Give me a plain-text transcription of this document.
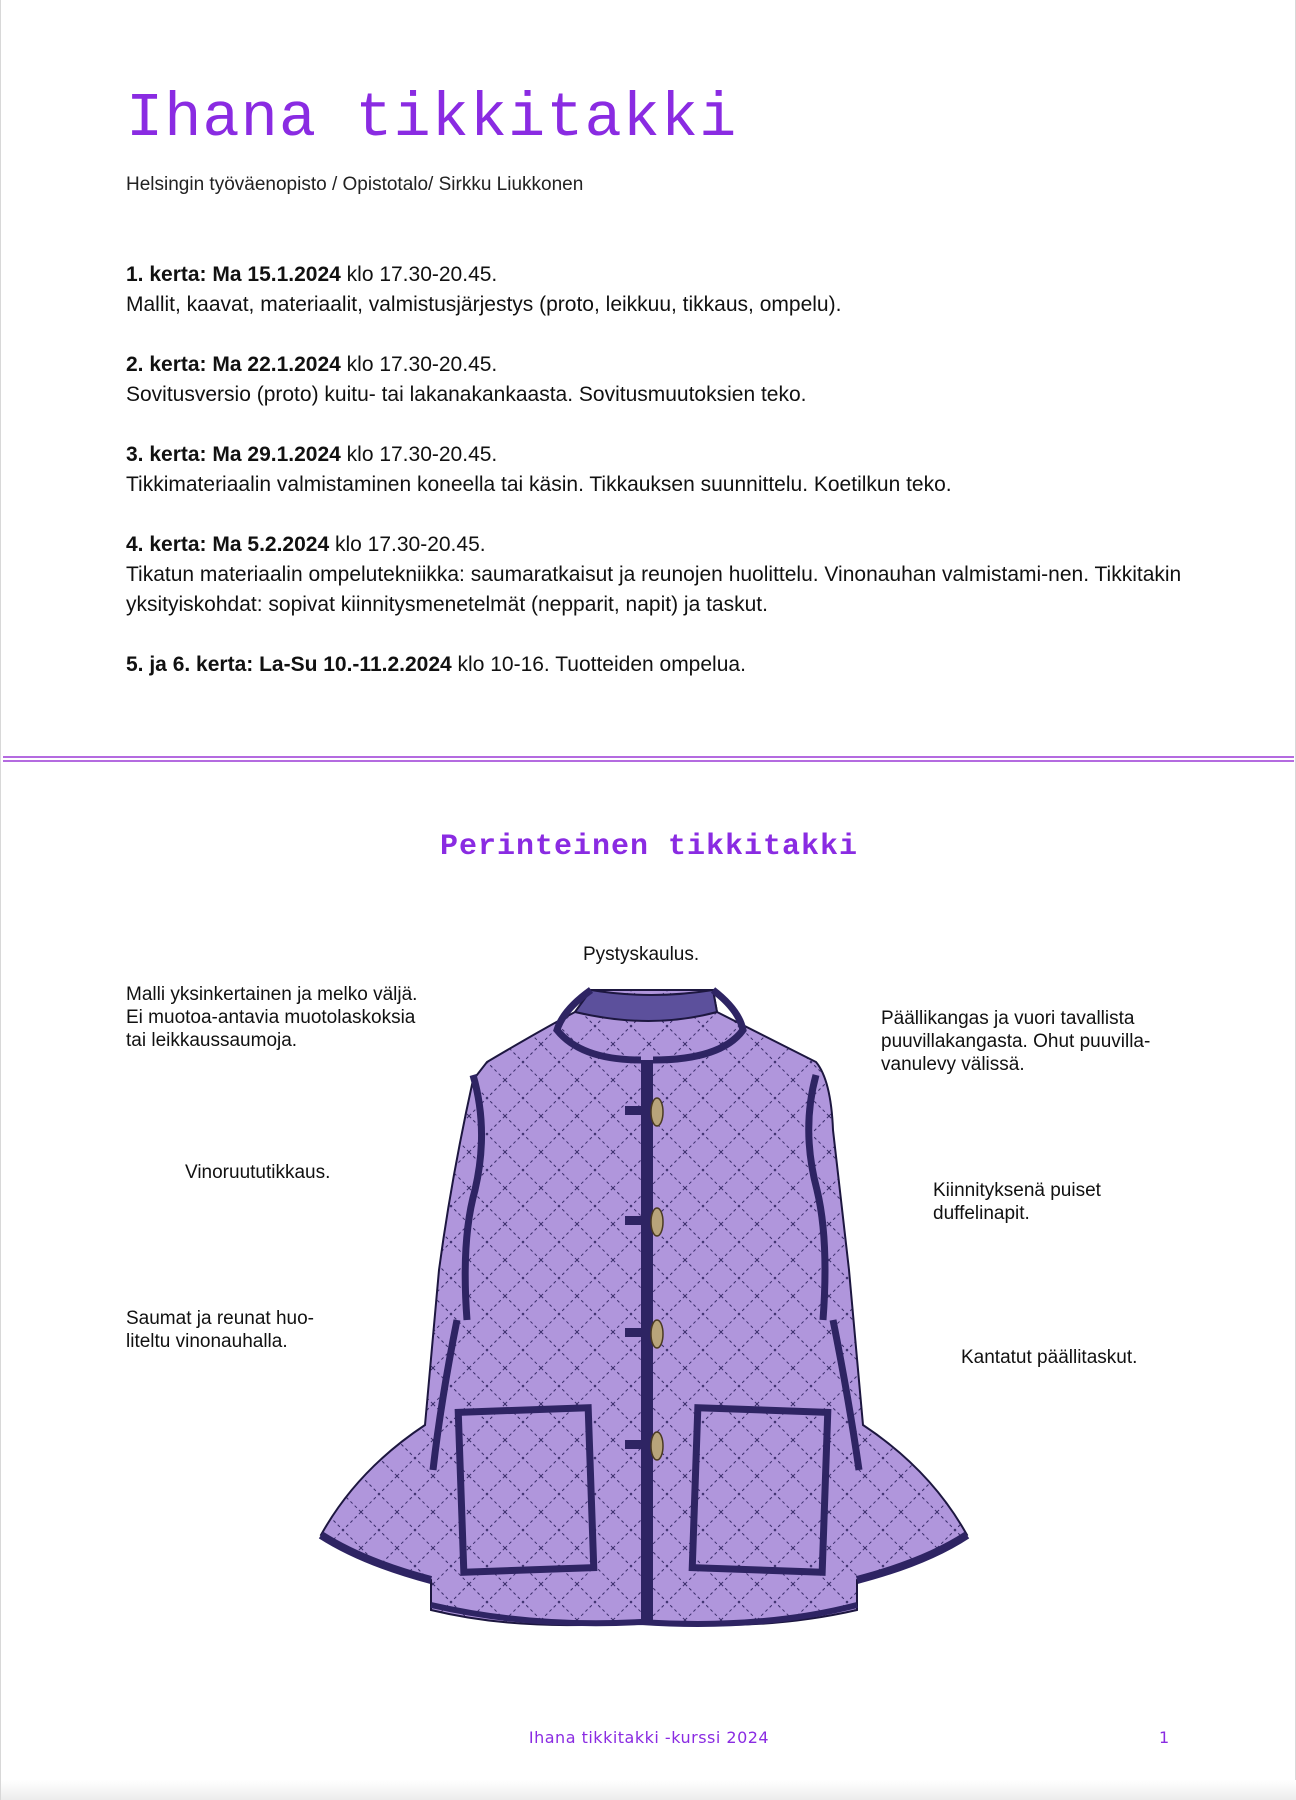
Ihana tikkitakki
Helsingin työväenopisto / Opistotalo/ Sirkku Liukkonen
1. kerta: Ma 15.1.2024 klo 17.30-20.45.
Mallit, kaavat, materiaalit, valmistusjärjestys (proto, leikkuu, tikkaus, ompelu).
2. kerta: Ma 22.1.2024 klo 17.30-20.45.
Sovitusversio (proto) kuitu- tai lakanakankaasta. Sovitusmuutoksien teko.
3. kerta: Ma 29.1.2024 klo 17.30-20.45.
Tikkimateriaalin valmistaminen koneella tai käsin. Tikkauksen suunnittelu. Koetilkun teko.
4. kerta: Ma 5.2.2024 klo 17.30-20.45.
Tikatun materiaalin ompelutekniikka: saumaratkaisut ja reunojen huolittelu. Vinonauhan valmistami-nen. Tikkitakin yksityiskohdat: sopivat kiinnitysmenetelmät (nepparit, napit) ja taskut.
5. ja 6. kerta: La-Su 10.-11.2.2024 klo 10-16. Tuotteiden ompelua.
Perinteinen tikkitakki
Pystyskaulus.
Malli yksinkertainen ja melko väljä.
Ei muotoa-antavia muotolaskoksia
tai leikkaussaumoja.
Päällikangas ja vuori tavallista
puuvillakangasta. Ohut puuvilla-
vanulevy välissä.
Vinoruututikkaus.
Kiinnityksenä puiset
duffelinapit.
Saumat ja reunat huo-
liteltu vinonauhalla.
Kantatut päällitaskut.
Ihana tikkitakki -kurssi 2024	1
